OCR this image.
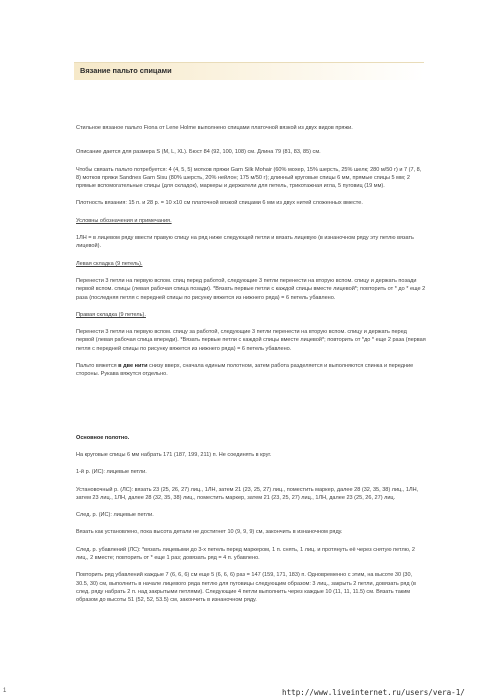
Вязание пальто спицами

Стильное вязаное пальто Fiona от Lene Holme выполнено спицами платочной вязкой из двух видов пряжи.

Описание дается для размера S (M, L, XL). Бюст 84 (92, 100, 108) см. Длина 79 (81, 83, 85) см.

Чтобы связать пальто потребуется: 4 (4, 5, 5) мотков пряжи Garn Silk Mohair (60% мохер, 15% шерсть, 25% шелк; 280 м/50 г) и 7 (7, 8, 8) мотков пряжи Sandnes Garn Sisu (80% шерсть, 20% нейлон; 175 м/50 г); длинный круговые спицы 6 мм, прямые спицы 5 мм; 2 прямые вспомогательные спицы (для складок), маркеры и держатели для петель, трикотажная игла, 5 пуговиц (19 мм).

Плотность вязания: 15 п. и 28 р. = 10 х10 см платочной вязкой спицами 6 мм из двух нитей сложенных вместе.

Условны обозначения и примечания.

1ЛН = в лицевом ряду ввести правую спицу на ряд ниже следующей петли и вязать лицевую (в изнаночном ряду эту петлю вязать лицевой).

Левая складка (9 петель).

Перенести 3 петли на первую вспом. спиц перед работой, следующие 3 петли перенести на вторую вспом. спицу и держать позади первой вспом. спицы (левая рабочая спица позади). *Вязать первые петли с каждой спицы вместе лицевой*; повторить от * до * еще 2 раза (последняя петля с передней спицы по рисунку вяжется из нижнего ряда) = 6 петель убавлено.

Правая складка (9 петель).

Перенести 3 петли на первую вспом. спицу за работой, следующие 3 петли перенести на вторую вспом. спицу и держать перед первой (левая рабочая спица впереди). *Вязать первые петли с каждой спицы вместе лицевой*; повторить от *до * еще 2 раза (первая петля с передней спицы по рисунку вяжется из нижнего ряда) = 6 петель убавлено.

Пальто вяжется в две нити снизу вверх, сначала единым полотном, затем работа разделяется и выполняются спинка и передние стороны. Рукава вяжутся отдельно.

Основное полотно.

На круговые спицы 6 мм набрать 171 (187, 199, 211) п. Не соединять в круг.

1-й р. (ИС): лицевые петли.

Установочный р. (ЛС): вязать 23 (25, 26, 27) лиц., 1ЛН, затем 21 (23, 25, 27) лиц., поместить маркер, далее 28 (32, 35, 38) лиц., 1ЛН, затем 23 лиц., 1ЛН, далее 28 (32, 35, 38) лиц., поместить маркер, затем 21 (23, 25, 27) лиц., 1ЛН, далее 23 (25, 26, 27) лиц.

След. р. (ИС): лицевые петли.

Вязать как установлено, пока высота детали не достигнет 10 (9, 9, 9) см, закончить в изнаночном ряду.

След. р. убавлений (ЛС): *вязать лицевыми до 3-х петель перед маркером, 1 п. снять, 1 лиц. и протянуть её через снятую петлю, 2 лиц., 2 вместе; повторить от * еще 1 раз; довязать ряд = 4 п. убавлено.

Повторить ряд убавлений каждые 7 (6, 6, 6) см еще 5 (6, 6, 6) раз = 147 (159, 171, 183) п. Одновременно с этим, на высоте 30 (30, 30.5, 30) см, выполнить в начале лицевого ряда петлю для пуговицы следующим образом: 3 лиц., закрыть 2 петли, довязать ряд (в след. ряду набрать 2 п. над закрытыми петлями). Следующие 4 петли выполнить через каждые 10 (11, 11, 11.5) см. Вязать таким образом до высоты 51 (52, 52, 53.5) см, закончить в изнаночном ряду.

1	http://www.liveinternet.ru/users/vera-1/
